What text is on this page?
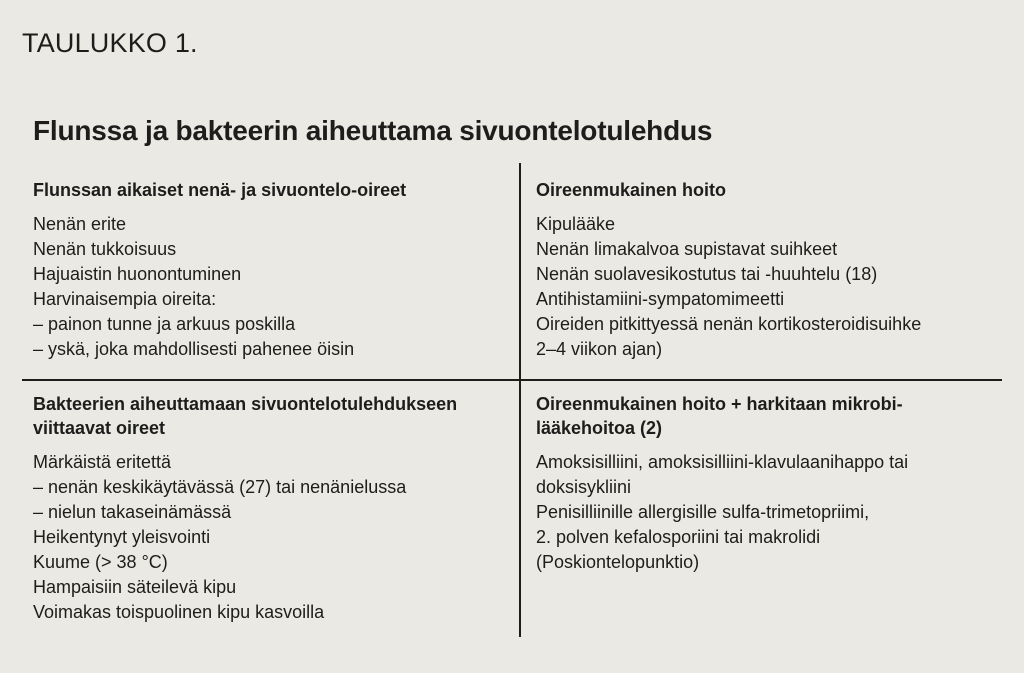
TAULUKKO 1.
Flunssa ja bakteerin aiheuttama sivuontelotulehdus
Flunssan aikaiset nenä- ja sivuontelo-oireet
Nenän erite
Nenän tukkoisuus
Hajuaistin huonontuminen
Harvinaisempia oireita:
– painon tunne ja arkuus poskilla
– yskä, joka mahdollisesti pahenee öisin
Oireenmukainen hoito
Kipulääke
Nenän limakalvoa supistavat suihkeet
Nenän suolavesikostutus tai -huuhtelu (18)
Antihistamiini-sympatomimeetti
Oireiden pitkittyessä nenän kortikosteroidisuihke
2–4 viikon ajan)
Bakteerien aiheuttamaan sivuontelotulehdukseen
viittaavat oireet
Märkäistä eritettä
– nenän keskikäytävässä (27) tai nenänielussa
– nielun takaseinämässä
Heikentynyt yleisvointi
Kuume (> 38 °C)
Hampaisiin säteilevä kipu
Voimakas toispuolinen kipu kasvoilla
Oireenmukainen hoito + harkitaan mikrobi-
lääkehoitoa (2)
Amoksisilliini, amoksisilliini-klavulaanihappo tai
doksisykliini
Penisilliinille allergisille sulfa-trimetopriimi,
2. polven kefalosporiini tai makrolidi
(Poskiontelopunktio)
